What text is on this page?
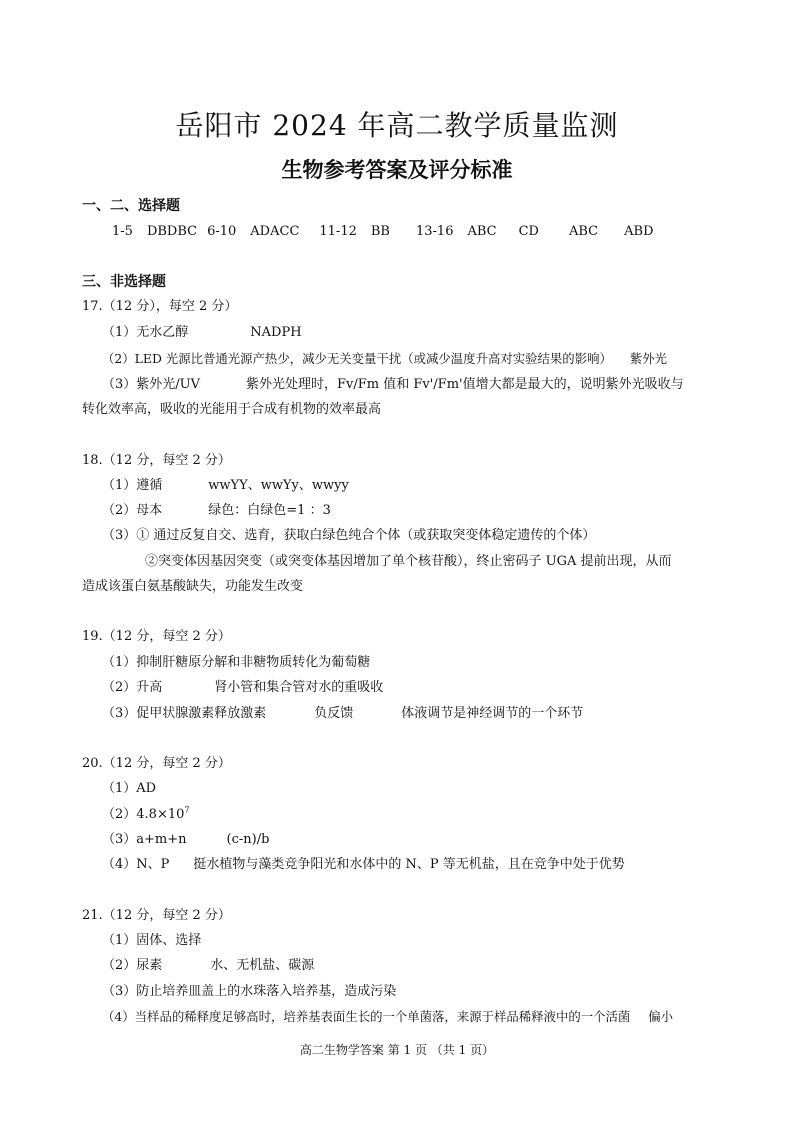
岳阳市 2024 年高二教学质量监测
生物参考答案及评分标准
一、二、选择题
1-5 DBDBC 6-10 ADACC 11-12 BB 13-16 ABC CD ABC ABD
三、非选择题
17.（12 分），每空 2 分）
（1）无水乙醇	NADPH
（2）LED 光源比普通光源产热少，减少无关变量干扰（或减少温度升高对实验结果的影响） 紫外光
（3）紫外光/UV	紫外光处理时，Fv/Fm 值和 Fv'/Fm'值增大都是最大的，说明紫外光吸收与
转化效率高，吸收的光能用于合成有机物的效率最高
18.（12 分，每空 2 分）
（1）遵循	wwYY、wwYy、wwyy
（2）母本	绿色：白绿色=1 ：3
（3）① 通过反复自交、选育，获取白绿色纯合个体（或获取突变体稳定遗传的个体）
②突变体因基因突变（或突变体基因增加了单个核苷酸），终止密码子 UGA 提前出现，从而
造成该蛋白氨基酸缺失，功能发生改变
19.（12 分，每空 2 分）
（1）抑制肝糖原分解和非糖物质转化为葡萄糖
（2）升高	肾小管和集合管对水的重吸收
（3）促甲状腺激素释放激素	负反馈	体液调节是神经调节的一个环节
20.（12 分，每空 2 分）
（1）AD
$(2)4.8\times 10^7$
（3）a+m+n	(c-n)/b
（4）N、P 挺水植物与藻类竞争阳光和水体中的 N、P 等无机盐，且在竞争中处于优势
21.（12 分，每空 2 分）
（1）固体、选择
（2）尿素	水、无机盐、碳源
（3）防止培养皿盖上的水珠落入培养基，造成污染
（4）当样品的稀释度足够高时，培养基表面生长的一个单菌落，来源于样品稀释液中的一个活菌 偏小
高二生物学答案 第 1 页 （共 1 页）
